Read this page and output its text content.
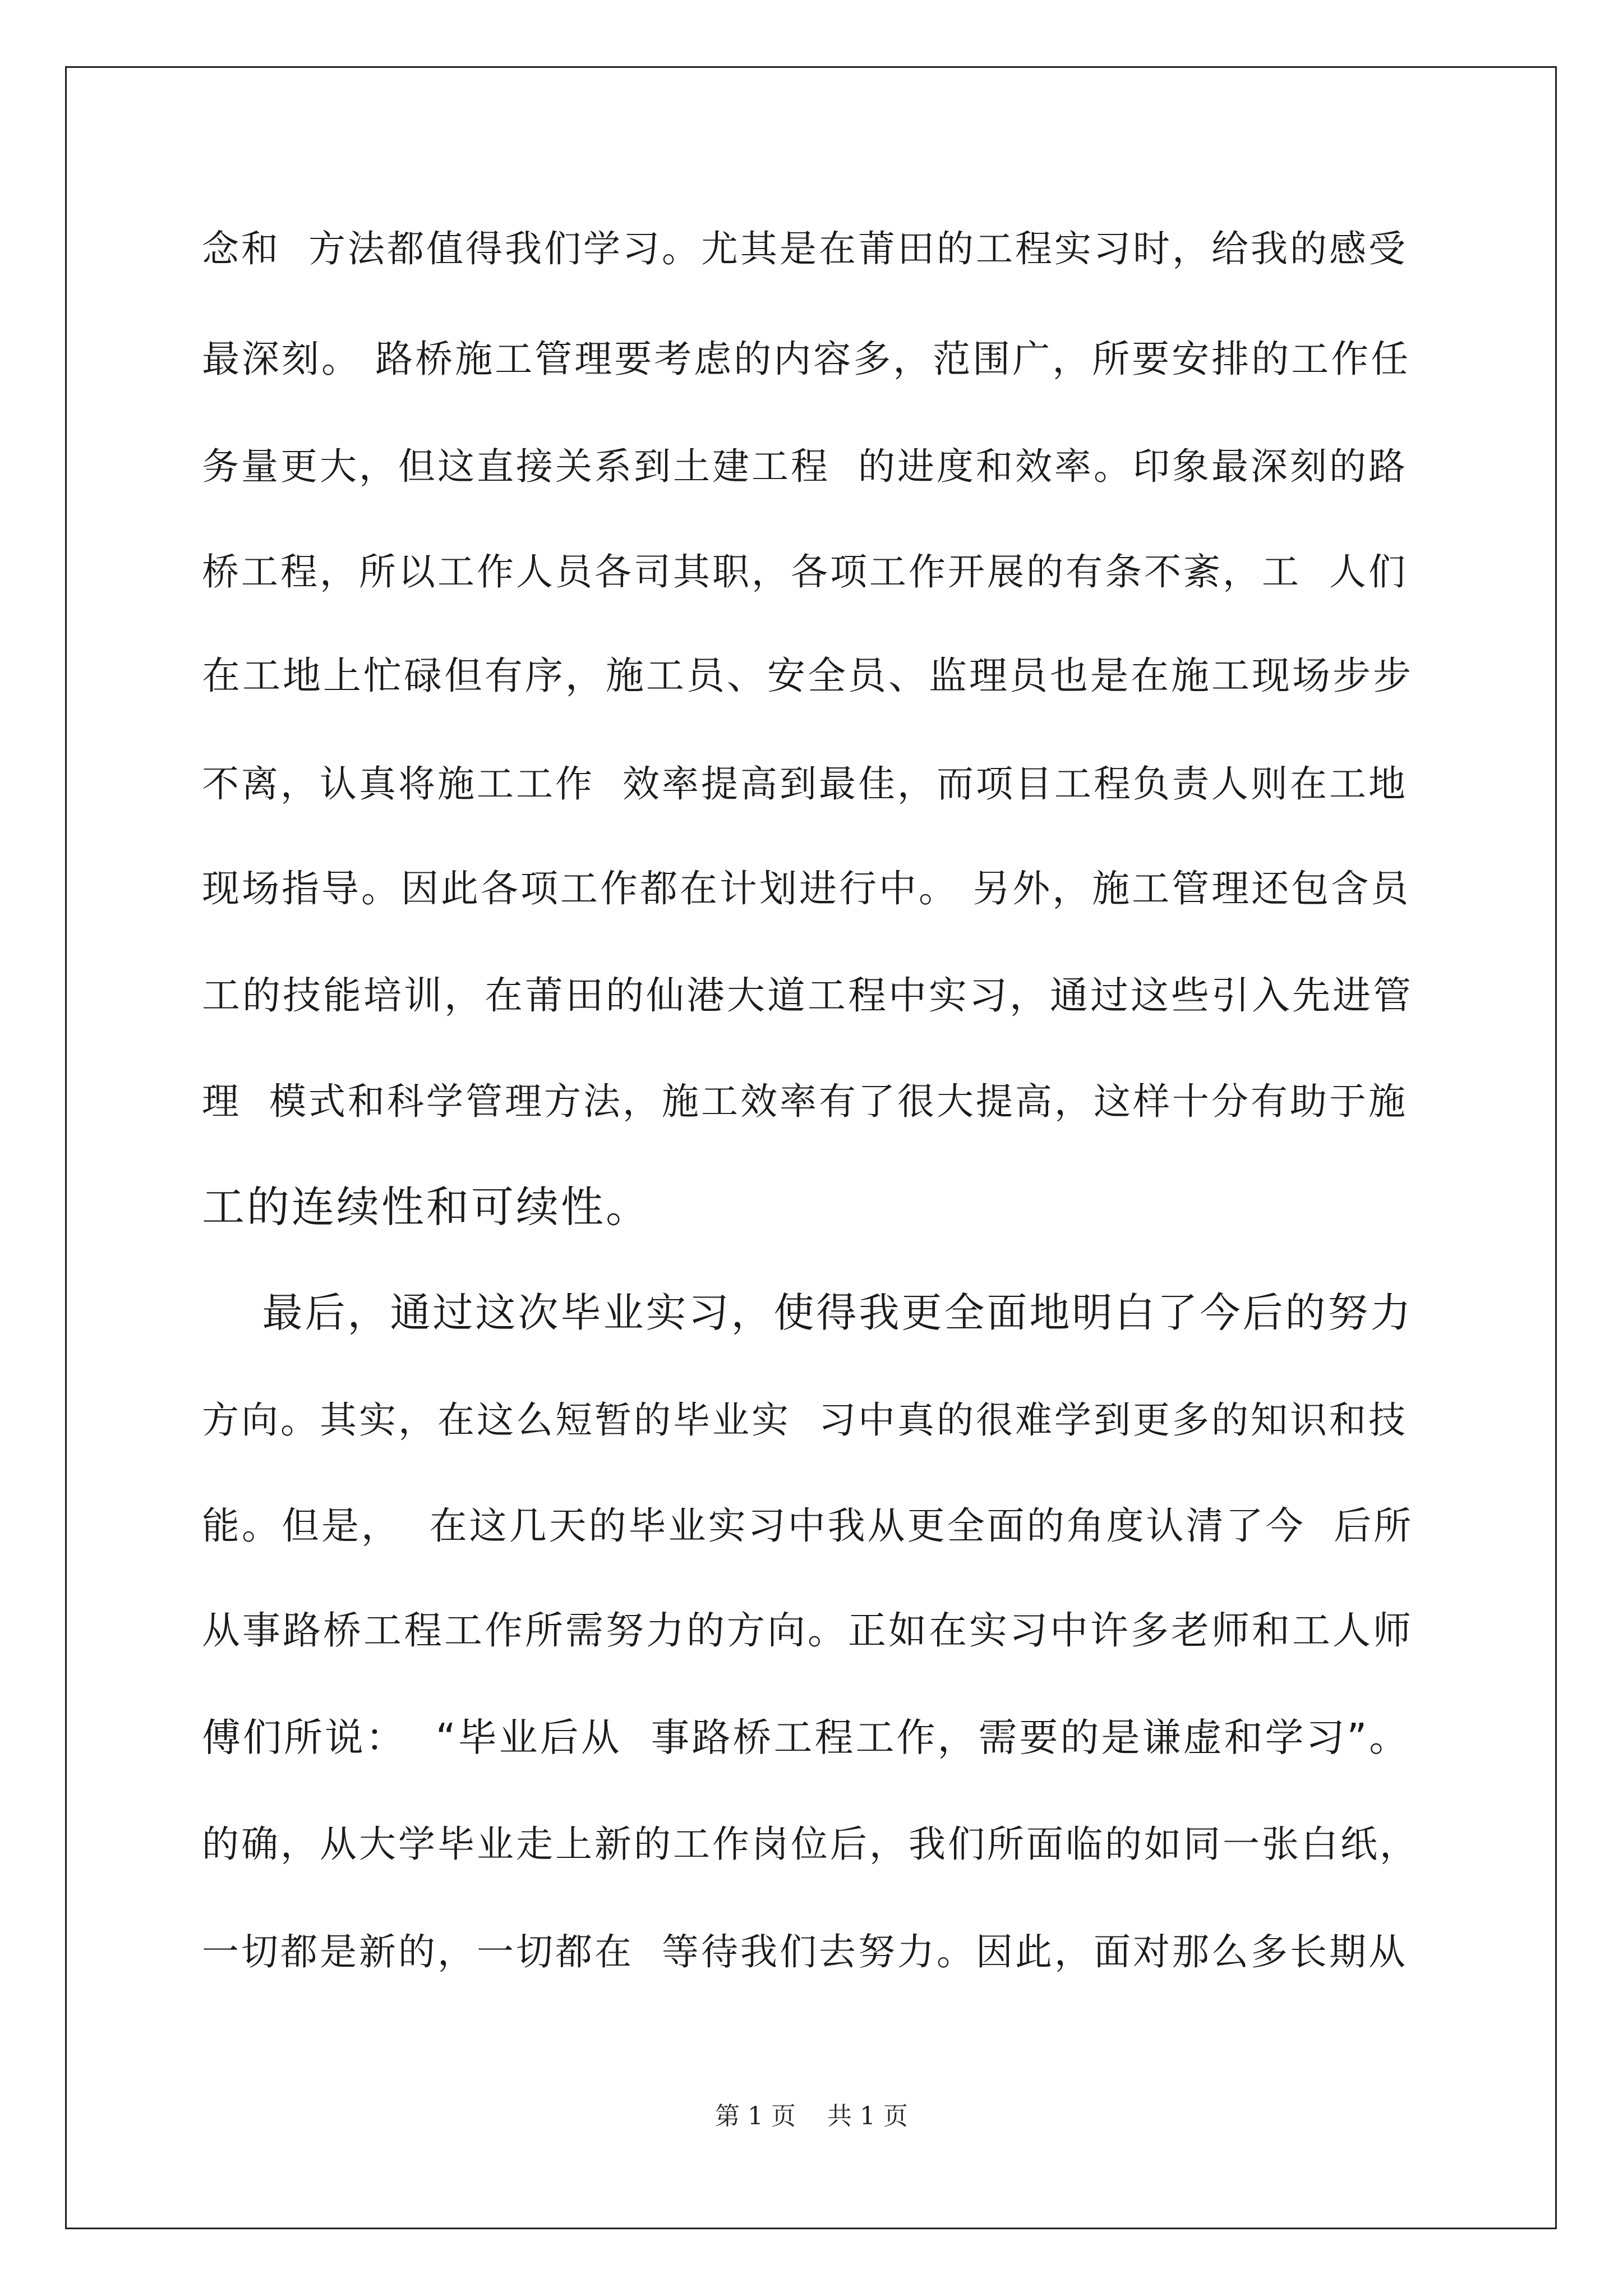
念和  方法都值得我们学习。尤其是在莆田的工程实习时，给我的感受
最深刻。 路桥施工管理要考虑的内容多，范围广，所要安排的工作任
务量更大，但这直接关系到土建工程  的进度和效率。印象最深刻的路
桥工程，所以工作人员各司其职，各项工作开展的有条不紊，工  人们
在工地上忙碌但有序，施工员、安全员、监理员也是在施工现场步步
不离，认真将施工工作  效率提高到最佳，而项目工程负责人则在工地
现场指导。因此各项工作都在计划进行中。 另外，施工管理还包含员
工的技能培训，在莆田的仙港大道工程中实习，通过这些引入先进管
理  模式和科学管理方法，施工效率有了很大提高，这样十分有助于施
工的连续性和可续性。
最后，通过这次毕业实习，使得我更全面地明白了今后的努力
方向。其实，在这么短暂的毕业实  习中真的很难学到更多的知识和技
能。但是，  在这几天的毕业实习中我从更全面的角度认清了今  后所
从事路桥工程工作所需努力的方向。正如在实习中许多老师和工人师
傅们所说：  “毕业后从  事路桥工程工作，需要的是谦虚和学习”。
的确，从大学毕业走上新的工作岗位后，我们所面临的如同一张白纸，
一切都是新的，一切都在  等待我们去努力。因此，面对那么多长期从
第 1 页    共 1 页
